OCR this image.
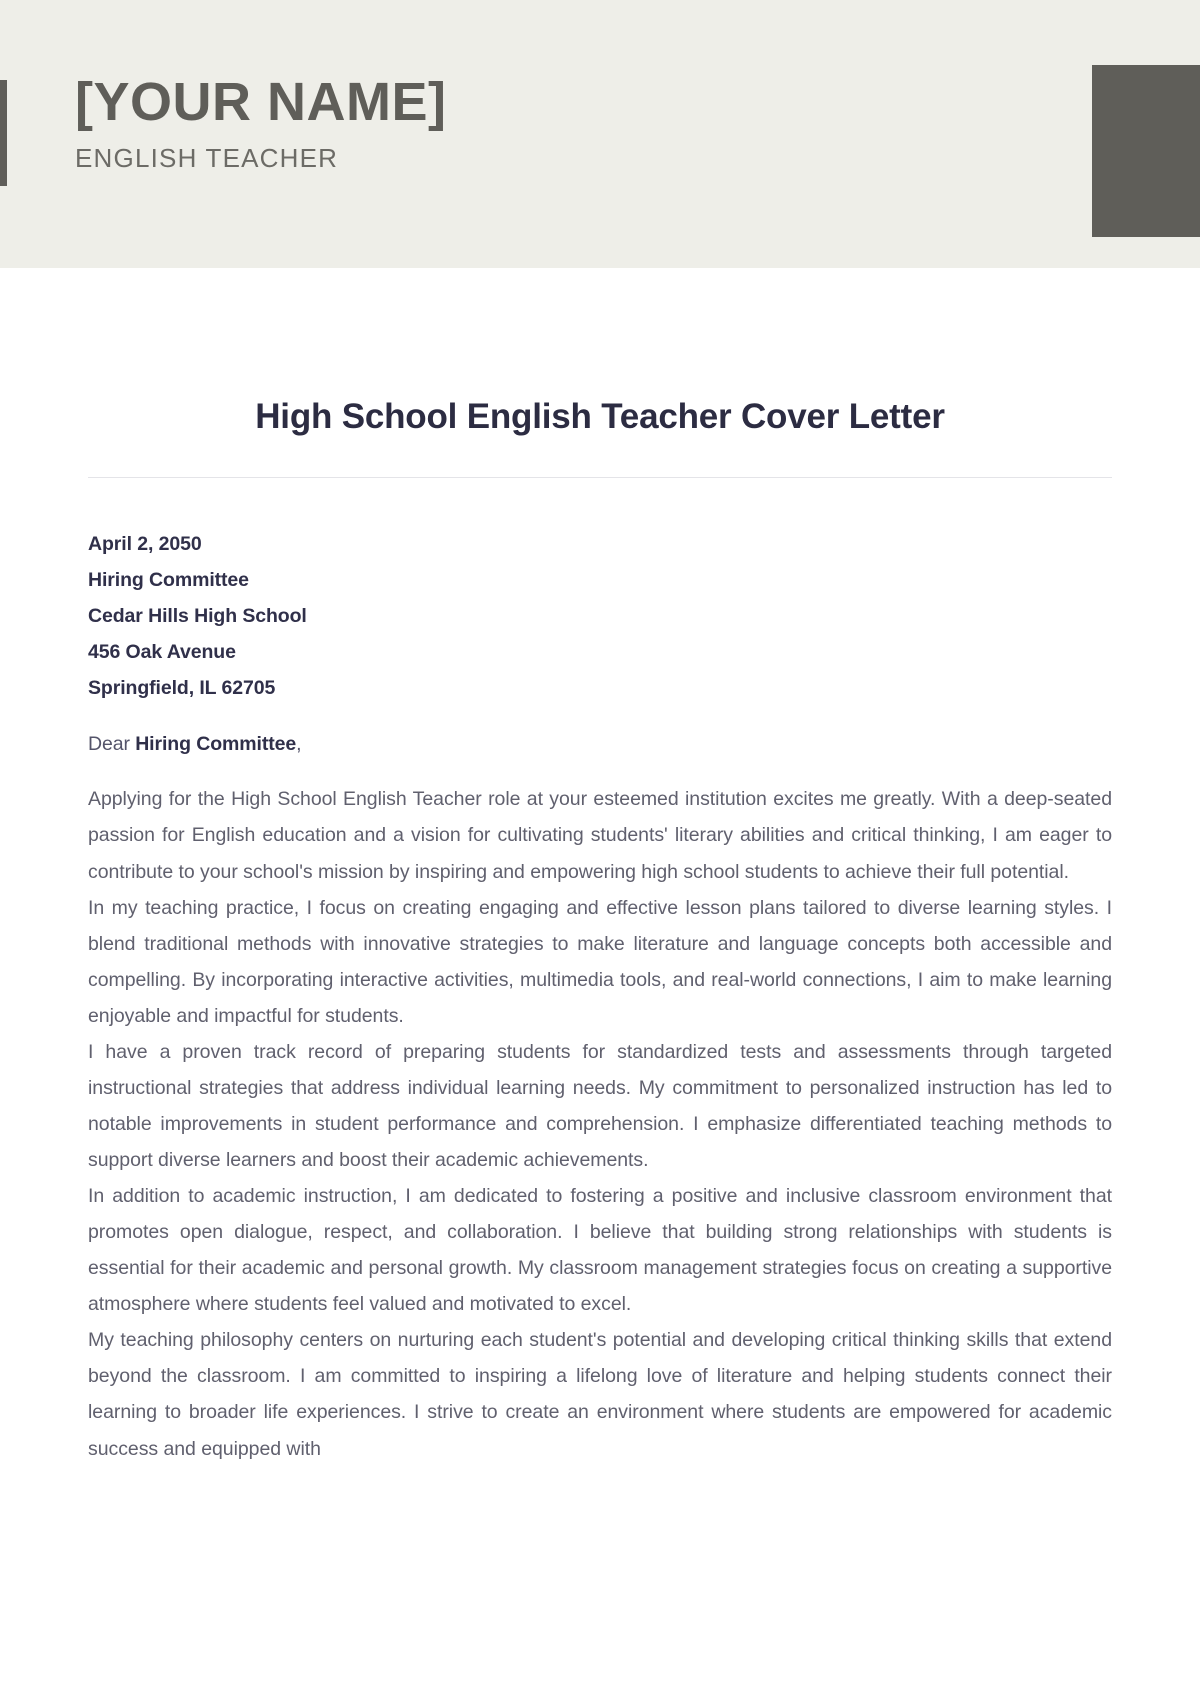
[YOUR NAME]

ENGLISH TEACHER

High School English Teacher Cover Letter
April 2, 2050
Hiring Committee
Cedar Hills High School
456 Oak Avenue
Springfield, IL 62705

Dear Hiring Committee,

Applying for the High School English Teacher role at your esteemed institution excites me greatly. With a deep-seated passion for English education and a vision for cultivating students' literary abilities and critical thinking, I am eager to contribute to your school's mission by inspiring and empowering high school students to achieve their full potential.

In my teaching practice, I focus on creating engaging and effective lesson plans tailored to diverse learning styles. I blend traditional methods with innovative strategies to make literature and language concepts both accessible and compelling. By incorporating interactive activities, multimedia tools, and real-world connections, I aim to make learning enjoyable and impactful for students.

I have a proven track record of preparing students for standardized tests and assessments through targeted instructional strategies that address individual learning needs. My commitment to personalized instruction has led to notable improvements in student performance and comprehension. I emphasize differentiated teaching methods to support diverse learners and boost their academic achievements.

In addition to academic instruction, I am dedicated to fostering a positive and inclusive classroom environment that promotes open dialogue, respect, and collaboration. I believe that building strong relationships with students is essential for their academic and personal growth. My classroom management strategies focus on creating a supportive atmosphere where students feel valued and motivated to excel.

My teaching philosophy centers on nurturing each student's potential and developing critical thinking skills that extend beyond the classroom. I am committed to inspiring a lifelong love of literature and helping students connect their learning to broader life experiences. I strive to create an environment where students are empowered for academic success and equipped with
